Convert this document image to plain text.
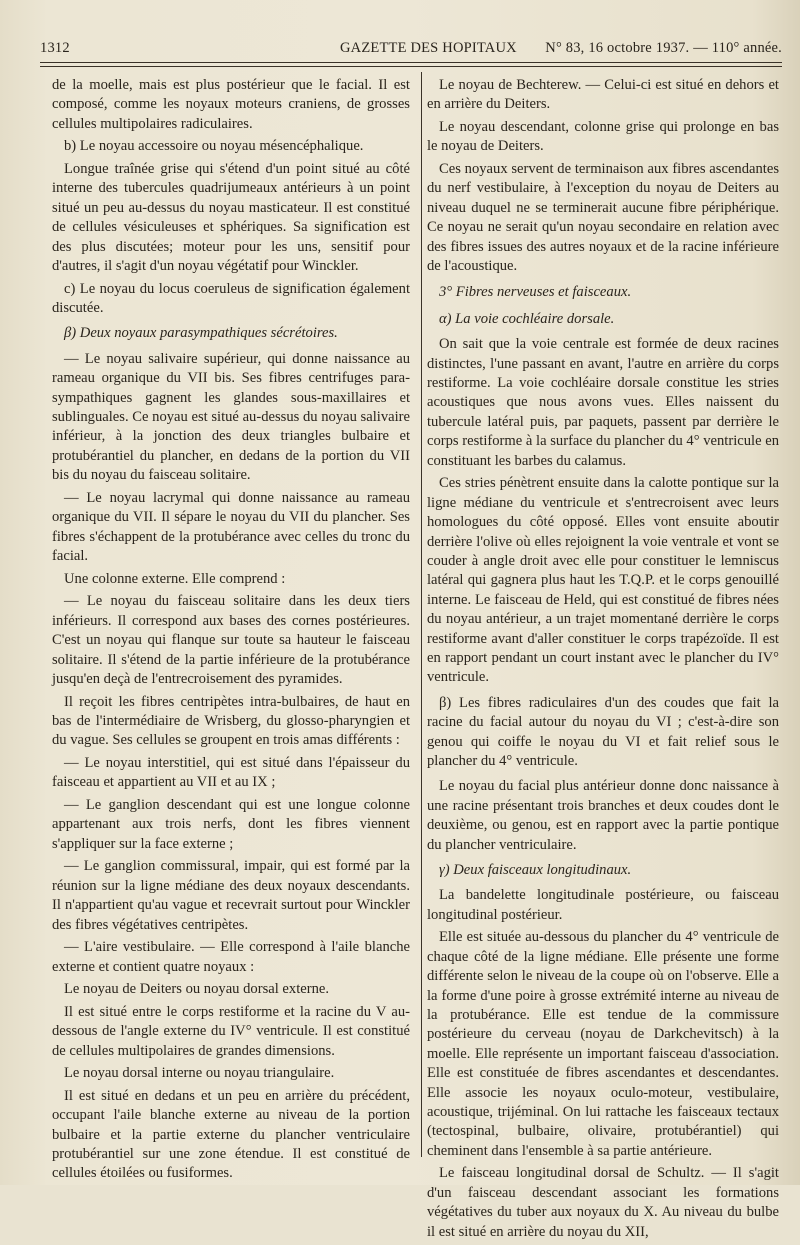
1312	GAZETTE DES HOPITAUX N° 83, 16 octobre 1937. — 110° année.

de la moelle, mais est plus postérieur que le facial. Il est composé, comme les noyaux moteurs craniens, de grosses cellules multipolaires radiculaires.

b) Le noyau accessoire ou noyau mésencéphalique.

Longue traînée grise qui s'étend d'un point situé au côté interne des tubercules quadrijumeaux antérieurs à un point situé un peu au-dessus du noyau masticateur. Il est constitué de cellules vésiculeuses et sphériques. Sa signification est des plus discutées; moteur pour les uns, sensitif pour d'autres, il s'agit d'un noyau végétatif pour Winckler.

c) Le noyau du locus coeruleus de signification également discutée.

β) Deux noyaux parasympathiques sécrétoires.

— Le noyau salivaire supérieur, qui donne naissance au rameau organique du VII bis. Ses fibres centrifuges para-sympathiques gagnent les glandes sous-maxillaires et sublinguales. Ce noyau est situé au-dessus du noyau salivaire inférieur, à la jonction des deux triangles bulbaire et protubérantiel du plancher, en dedans de la portion du VII bis du noyau du faisceau solitaire.

— Le noyau lacrymal qui donne naissance au rameau organique du VII. Il sépare le noyau du VII du plancher. Ses fibres s'échappent de la protubérance avec celles du tronc du facial.

Une colonne externe. Elle comprend :

— Le noyau du faisceau solitaire dans les deux tiers inférieurs. Il correspond aux bases des cornes postérieures. C'est un noyau qui flanque sur toute sa hauteur le faisceau solitaire. Il s'étend de la partie inférieure de la protubérance jusqu'en deçà de l'entrecroisement des pyramides.

Il reçoit les fibres centripètes intra-bulbaires, de haut en bas de l'intermédiaire de Wrisberg, du glosso-pharyngien et du vague. Ses cellules se groupent en trois amas différents :

— Le noyau interstitiel, qui est situé dans l'épaisseur du faisceau et appartient au VII et au IX ;

— Le ganglion descendant qui est une longue colonne appartenant aux trois nerfs, dont les fibres viennent s'appliquer sur la face externe ;

— Le ganglion commissural, impair, qui est formé par la réunion sur la ligne médiane des deux noyaux descendants. Il n'appartient qu'au vague et recevrait surtout pour Winckler des fibres végétatives centripètes.

— L'aire vestibulaire. — Elle correspond à l'aile blanche externe et contient quatre noyaux :

Le noyau de Deiters ou noyau dorsal externe.

Il est situé entre le corps restiforme et la racine du V au-dessous de l'angle externe du IV° ventricule. Il est constitué de cellules multipolaires de grandes dimensions.

Le noyau dorsal interne ou noyau triangulaire.

Il est situé en dedans et un peu en arrière du précédent, occupant l'aile blanche externe au niveau de la portion bulbaire et la partie externe du plancher ventriculaire protubérantiel sur une zone étendue. Il est constitué de cellules étoilées ou fusiformes.

Le noyau de Bechterew. — Celui-ci est situé en dehors et en arrière du Deiters.

Le noyau descendant, colonne grise qui prolonge en bas le noyau de Deiters.

Ces noyaux servent de terminaison aux fibres ascendantes du nerf vestibulaire, à l'exception du noyau de Deiters au niveau duquel ne se terminerait aucune fibre périphérique. Ce noyau ne serait qu'un noyau secondaire en relation avec des fibres issues des autres noyaux et de la racine inférieure de l'acoustique.

3° Fibres nerveuses et faisceaux.

α) La voie cochléaire dorsale.

On sait que la voie centrale est formée de deux racines distinctes, l'une passant en avant, l'autre en arrière du corps restiforme. La voie cochléaire dorsale constitue les stries acoustiques que nous avons vues. Elles naissent du tubercule latéral puis, par paquets, passent par derrière le corps restiforme à la surface du plancher du 4° ventricule en constituant les barbes du calamus.

Ces stries pénètrent ensuite dans la calotte pontique sur la ligne médiane du ventricule et s'entrecroisent avec leurs homologues du côté opposé. Elles vont ensuite aboutir derrière l'olive où elles rejoignent la voie ventrale et vont se couder à angle droit avec elle pour constituer le lemniscus latéral qui gagnera plus haut les T.Q.P. et le corps genouillé interne. Le faisceau de Held, qui est constitué de fibres nées du noyau antérieur, a un trajet momentané derrière le corps restiforme avant d'aller constituer le corps trapézoïde. Il est en rapport pendant un court instant avec le plancher du IV° ventricule.

β) Les fibres radiculaires d'un des coudes que fait la racine du facial autour du noyau du VI ; c'est-à-dire son genou qui coiffe le noyau du VI et fait relief sous le plancher du 4° ventricule.

Le noyau du facial plus antérieur donne donc naissance à une racine présentant trois branches et deux coudes dont le deuxième, ou genou, est en rapport avec la partie pontique du plancher ventriculaire.

γ) Deux faisceaux longitudinaux.

La bandelette longitudinale postérieure, ou faisceau longitudinal postérieur.

Elle est située au-dessous du plancher du 4° ventricule de chaque côté de la ligne médiane. Elle présente une forme différente selon le niveau de la coupe où on l'observe. Elle a la forme d'une poire à grosse extrémité interne au niveau de la protubérance. Elle est tendue de la commissure postérieure du cerveau (noyau de Darkchevitsch) à la moelle. Elle représente un important faisceau d'association. Elle est constituée de fibres ascendantes et descendantes. Elle associe les noyaux oculo-moteur, vestibulaire, acoustique, trijéminal. On lui rattache les faisceaux tectaux (tectospinal, bulbaire, olivaire, protubérantiel) qui cheminent dans l'ensemble à sa partie antérieure.

Le faisceau longitudinal dorsal de Schultz. — Il s'agit d'un faisceau descendant associant les formations végétatives du tuber aux noyaux du X. Au niveau du bulbe il est situé en arrière du noyau du XII,
